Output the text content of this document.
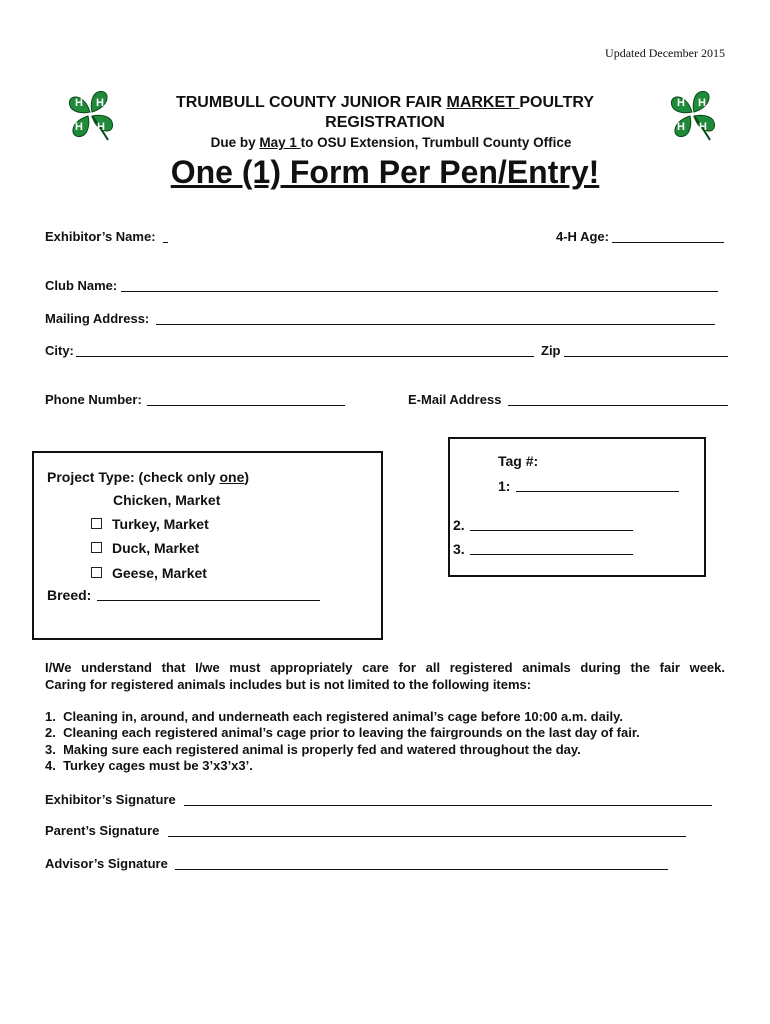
Updated December 2015
H H
H H
H H
H H
TRUMBULL COUNTY JUNIOR FAIR MARKET POULTRY
REGISTRATION
Due by May 1 to OSU Extension, Trumbull County Office
One (1) Form Per Pen/Entry!
Exhibitor’s Name:	4-H Age:
Club Name:
Mailing Address:
City:	Zip
Phone Number:	E-Mail Address
Tag #:
1:
2.
3.
Project Type: (check only one)
Chicken, Market
Turkey, Market
Duck, Market
Geese, Market
Breed:
I/We understand that I/we must appropriately care for all registered animals during the fair week.
Caring for registered animals includes but is not limited to the following items:
1.  Cleaning in, around, and underneath each registered animal’s cage before 10:00 a.m. daily.
2.  Cleaning each registered animal’s cage prior to leaving the fairgrounds on the last day of fair.
3.  Making sure each registered animal is properly fed and watered throughout the day.
4.  Turkey cages must be 3’x3’x3’.
Exhibitor’s Signature
Parent’s Signature
Advisor’s Signature
